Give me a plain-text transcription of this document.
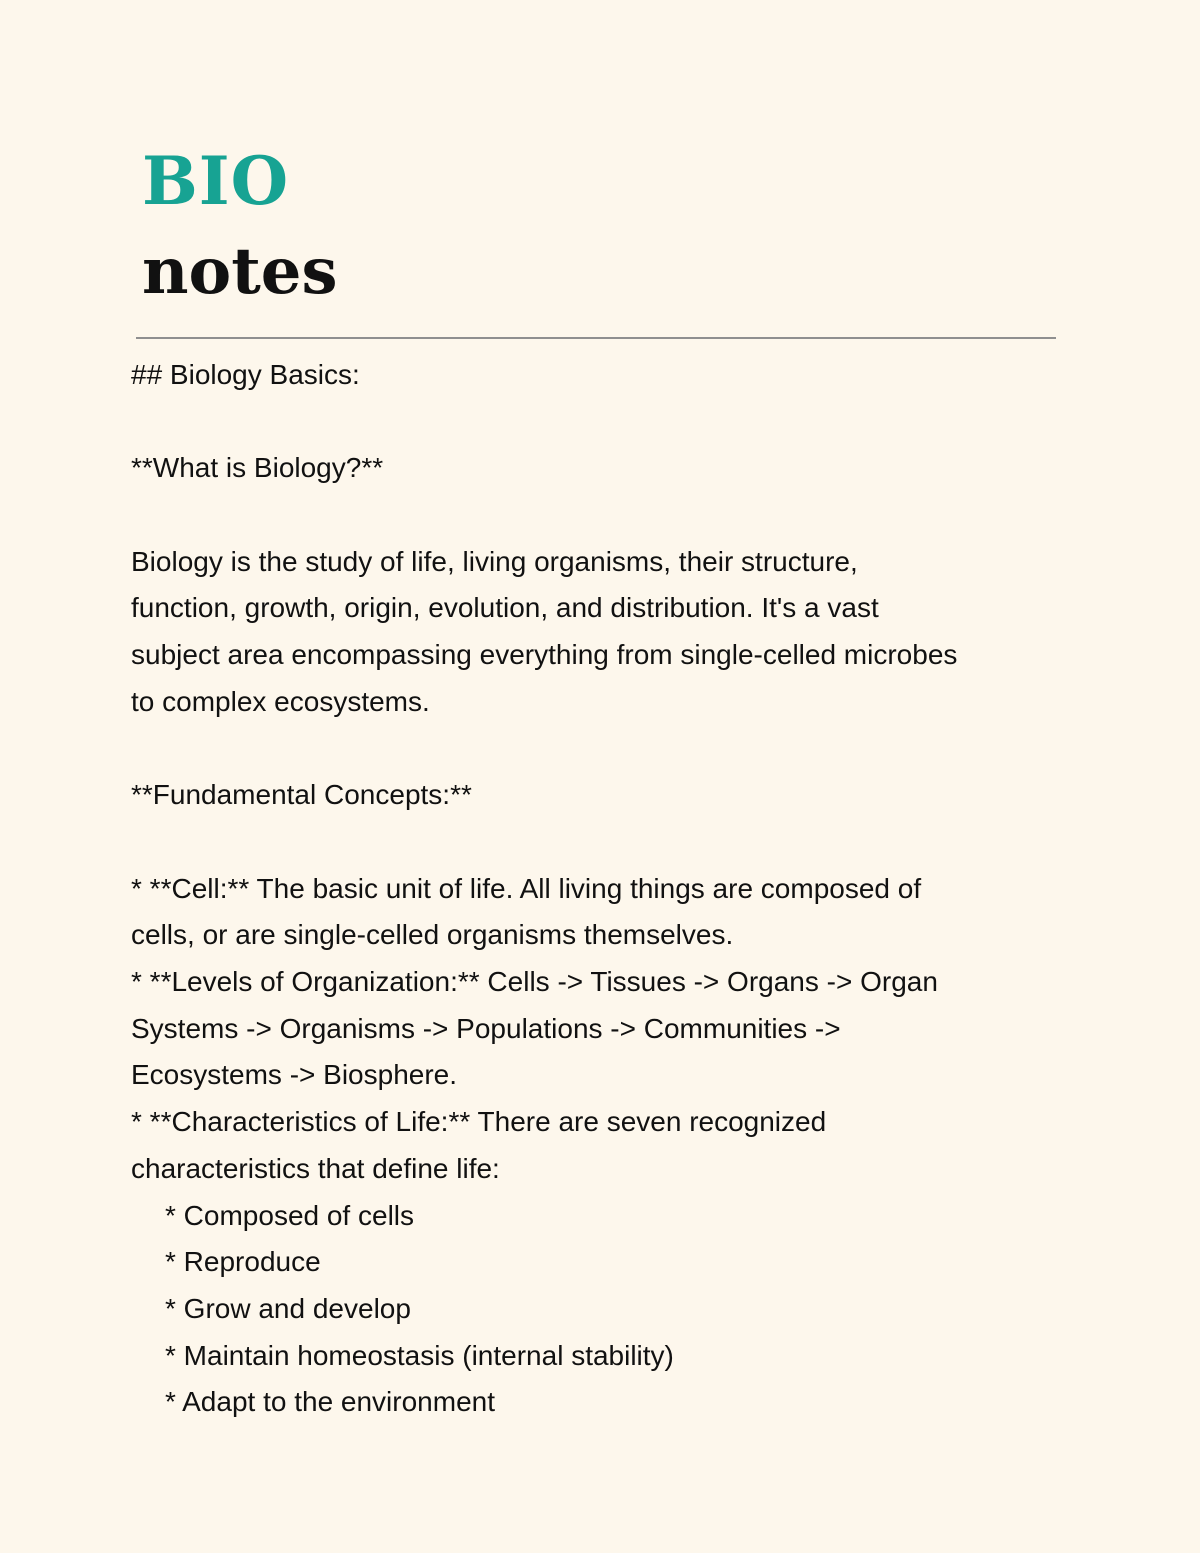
BIO
notes

## Biology Basics:

**What is Biology?**

Biology is the study of life, living organisms, their structure,

function, growth, origin, evolution, and distribution. It's a vast

subject area encompassing everything from single-celled microbes

to complex ecosystems.

**Fundamental Concepts:**

* **Cell:** The basic unit of life. All living things are composed of

cells, or are single-celled organisms themselves.

* **Levels of Organization:** Cells -> Tissues -> Organs -> Organ

Systems -> Organisms -> Populations -> Communities ->

Ecosystems -> Biosphere.

* **Characteristics of Life:** There are seven recognized

characteristics that define life:

* Composed of cells

* Reproduce

* Grow and develop

* Maintain homeostasis (internal stability)

* Adapt to the environment
